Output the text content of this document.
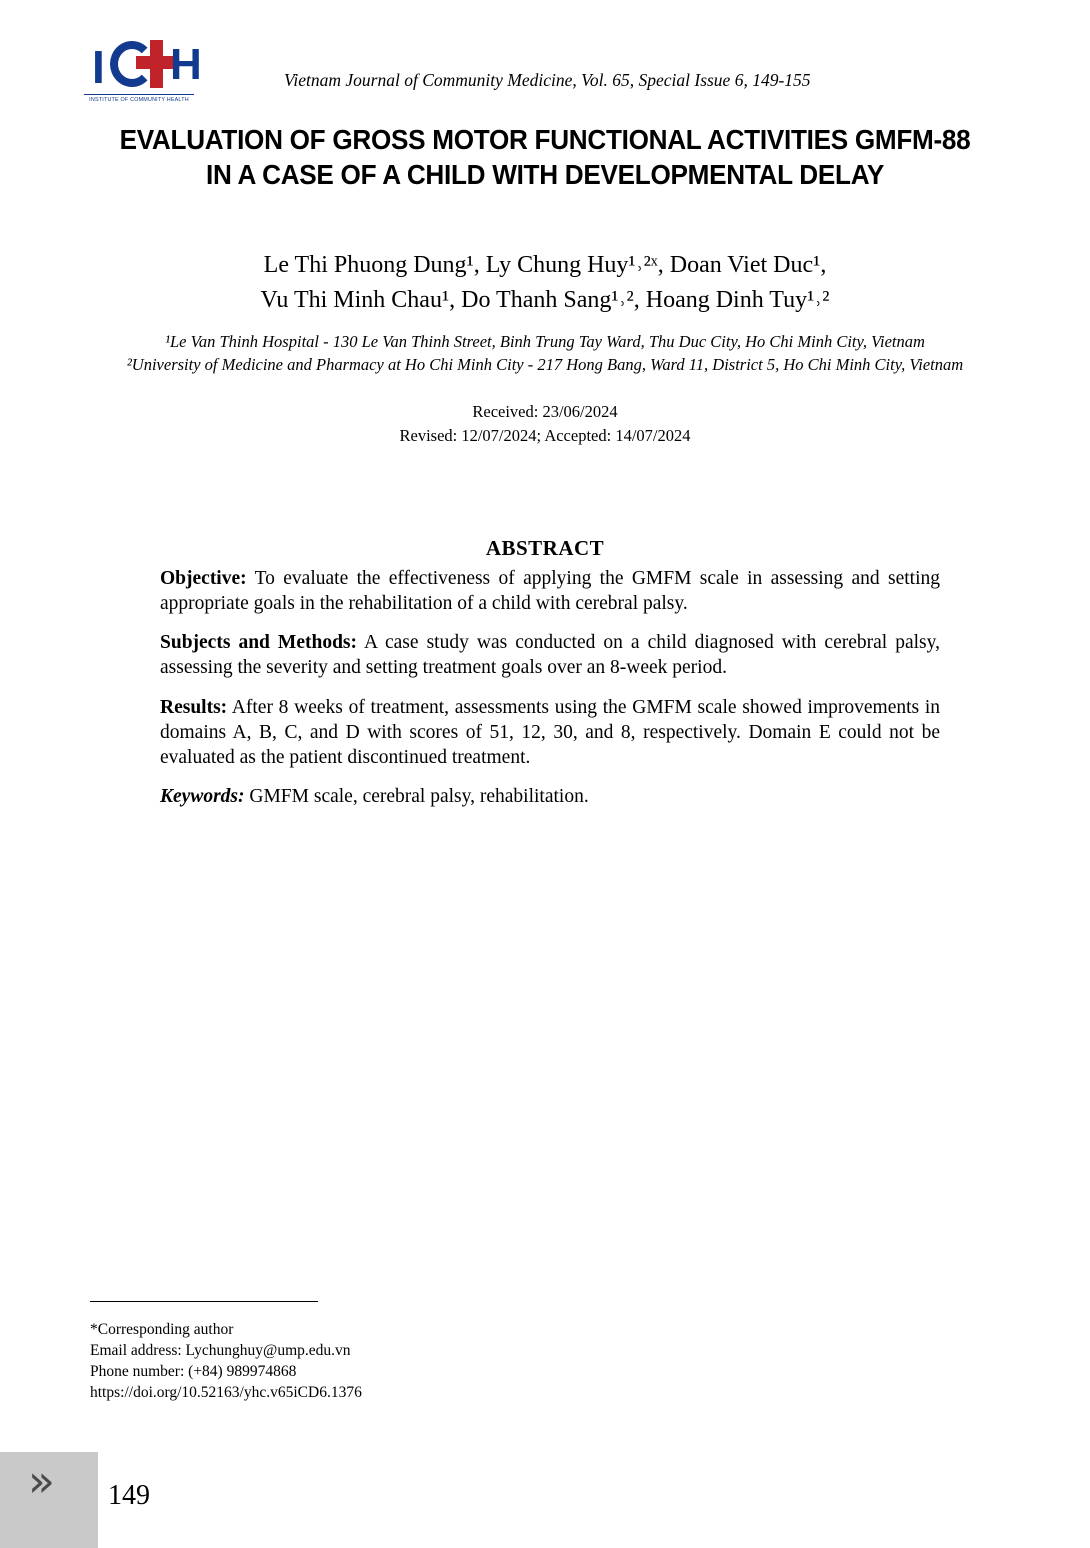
I H
INSTITUTE OF COMMUNITY HEALTH
Vietnam Journal of Community Medicine, Vol. 65, Special Issue 6, 149-155
EVALUATION OF GROSS MOTOR FUNCTIONAL ACTIVITIES GMFM-88
IN A CASE OF A CHILD WITH DEVELOPMENTAL DELAY
Le Thi Phuong Dung¹, Ly Chung Huy¹˒²ˣ, Doan Viet Duc¹,
Vu Thi Minh Chau¹, Do Thanh Sang¹˒², Hoang Dinh Tuy¹˒²
¹Le Van Thinh Hospital - 130 Le Van Thinh Street, Binh Trung Tay Ward, Thu Duc City, Ho Chi Minh City, Vietnam
²University of Medicine and Pharmacy at Ho Chi Minh City - 217 Hong Bang, Ward 11, District 5, Ho Chi Minh City, Vietnam
Received: 23/06/2024
Revised: 12/07/2024; Accepted: 14/07/2024
ABSTRACT

Objective: To evaluate the effectiveness of applying the GMFM scale in assessing and setting appropriate goals in the rehabilitation of a child with cerebral palsy.

Subjects and Methods: A case study was conducted on a child diagnosed with cerebral palsy, assessing the severity and setting treatment goals over an 8-week period.

Results: After 8 weeks of treatment, assessments using the GMFM scale showed improvements in domains A, B, C, and D with scores of 51, 12, 30, and 8, respectively. Domain E could not be evaluated as the patient discontinued treatment.

Keywords: GMFM scale, cerebral palsy, rehabilitation.

*Corresponding author
Email address: Lychunghuy@ump.edu.vn
Phone number: (+84) 989974868
https://doi.org/10.52163/yhc.v65iCD6.1376
» 149
